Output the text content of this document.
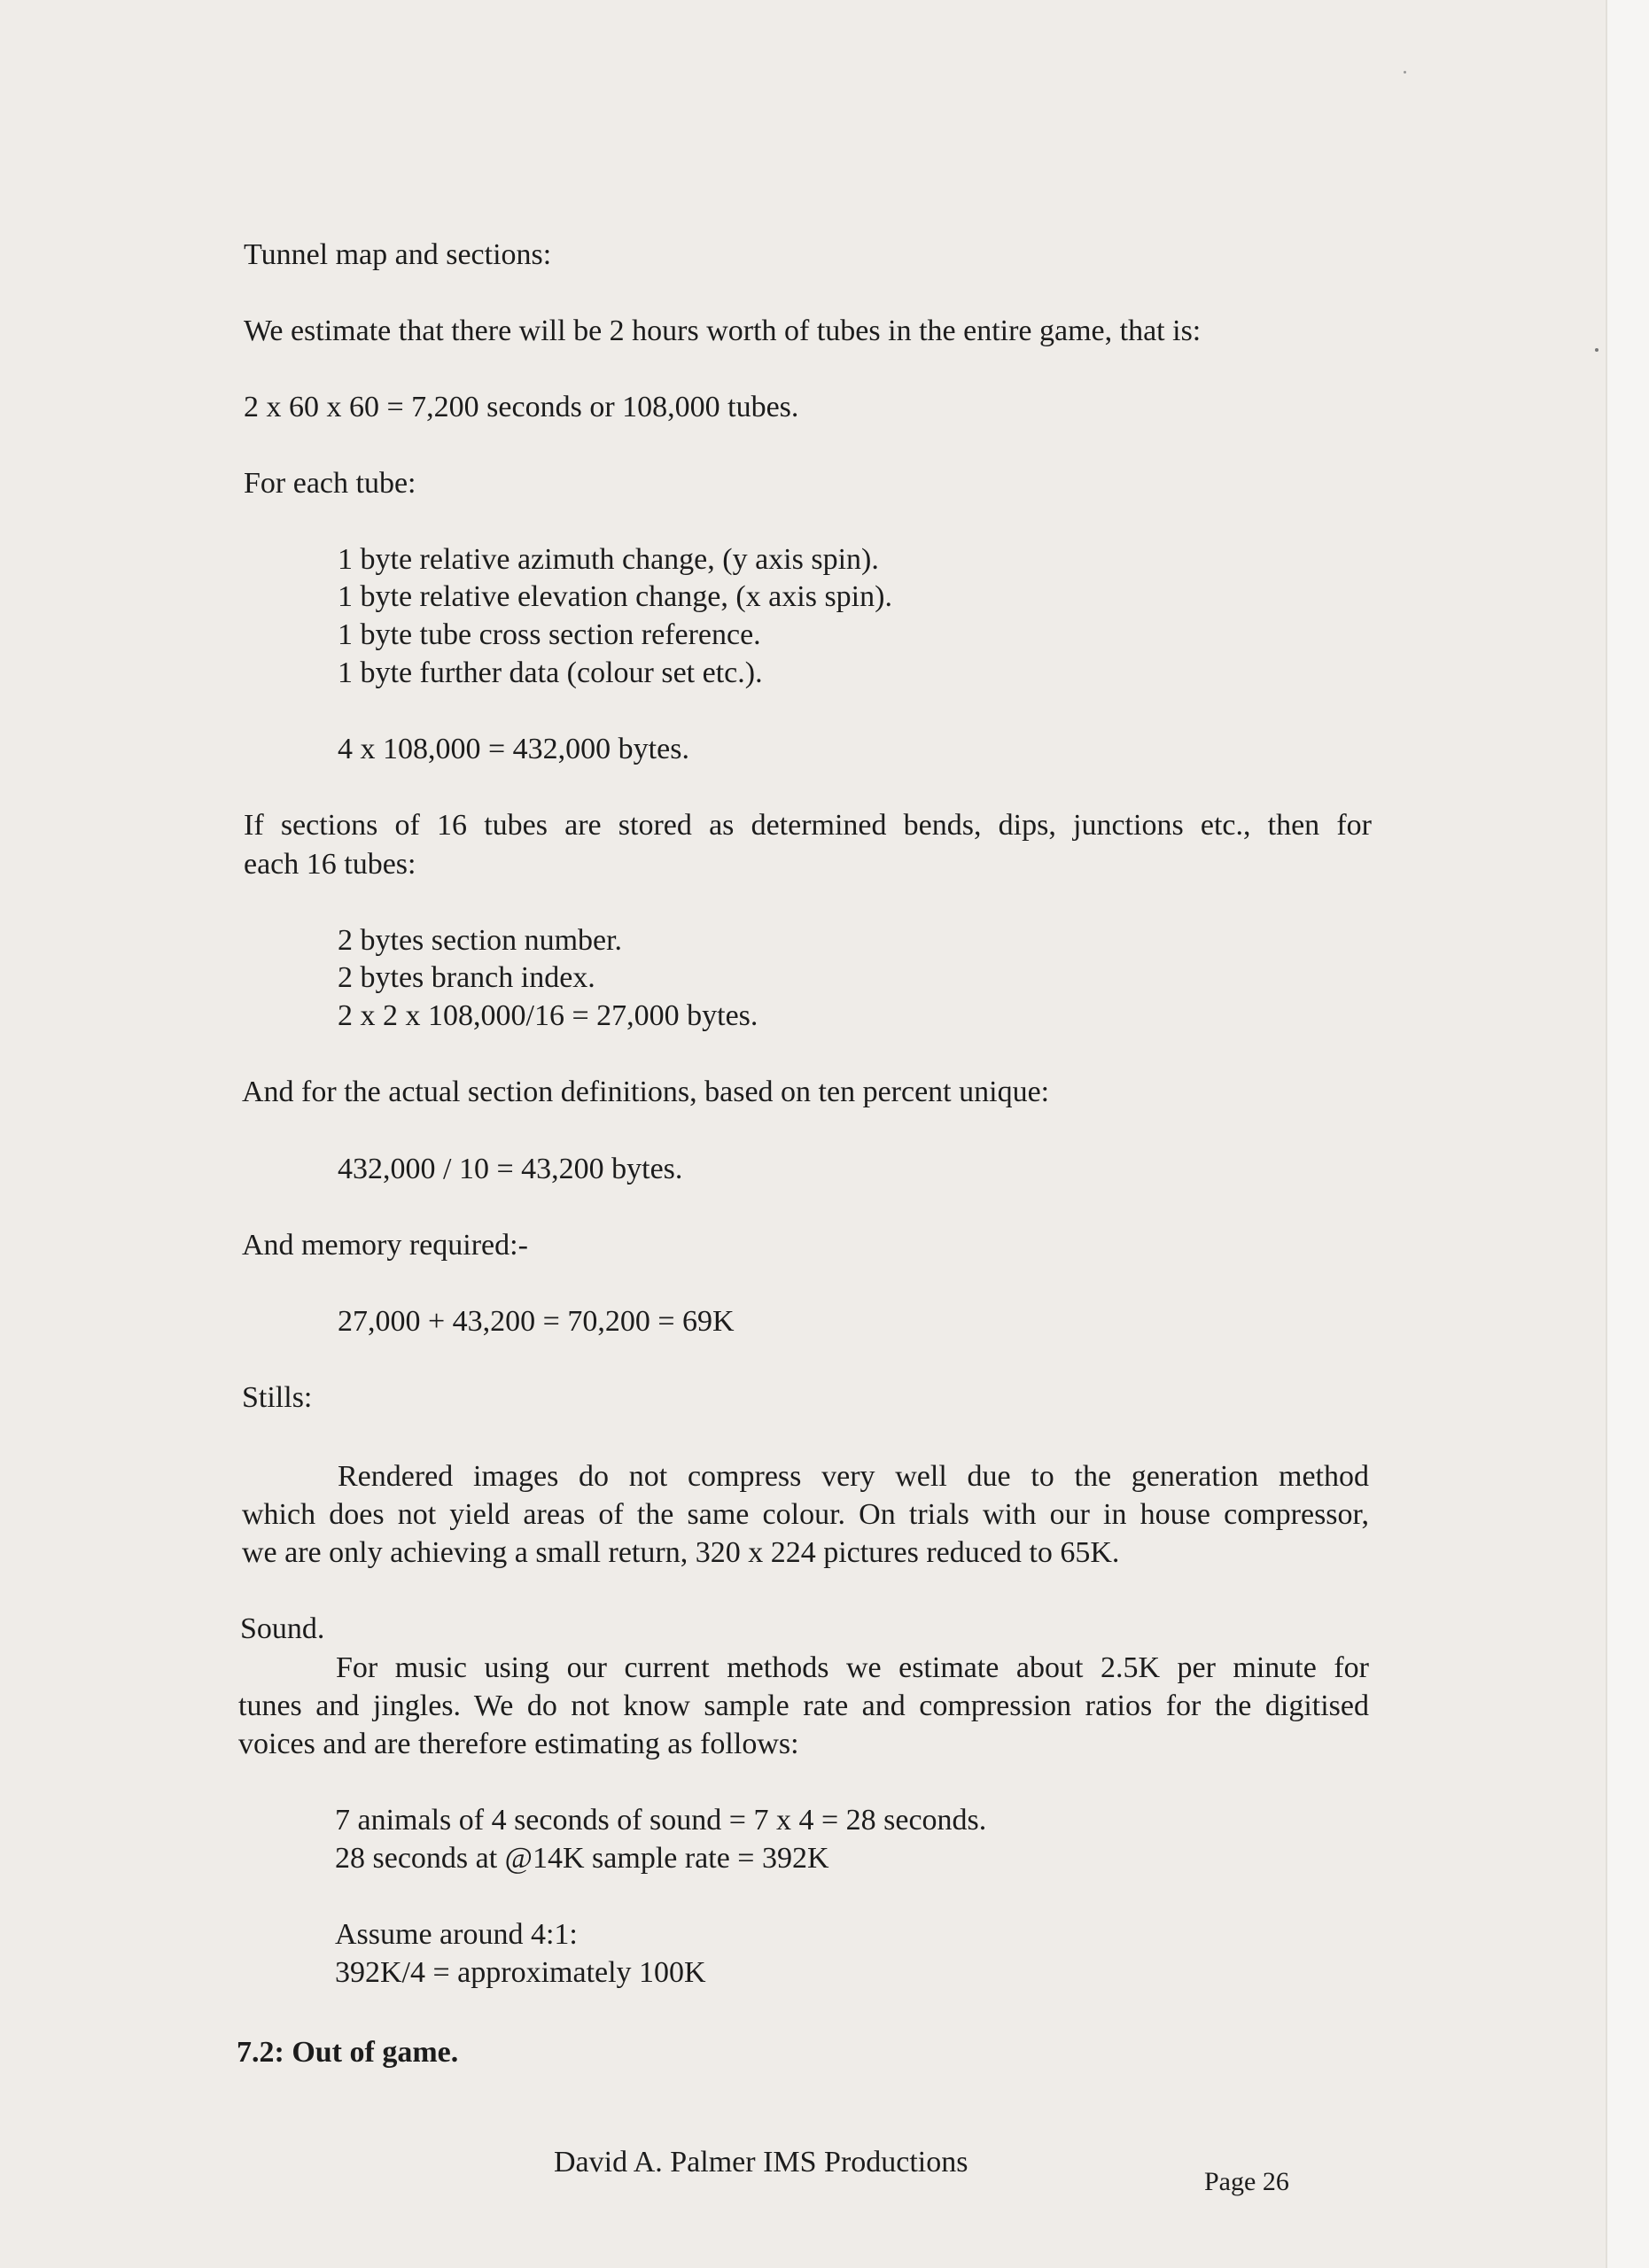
Tunnel map and sections:

We estimate that there will be 2 hours worth of tubes in the entire game, that is:

2 x 60 x 60 = 7,200 seconds or 108,000 tubes.

For each tube:

1 byte relative azimuth change, (y axis spin).

1 byte relative elevation change, (x axis spin).

1 byte tube cross section reference.

1 byte further data (colour set etc.).

4 x 108,000 = 432,000 bytes.

If sections of 16 tubes are stored as determined bends, dips, junctions etc., then for

each 16 tubes:

2 bytes section number.

2 bytes branch index.

2 x 2 x 108,000/16 = 27,000 bytes.

And for the actual section definitions, based on ten percent unique:

432,000 / 10 = 43,200 bytes.

And memory required:-

27,000 + 43,200 = 70,200 = 69K

Stills:

Rendered images do not compress very well due to the generation method

which does not yield areas of the same colour. On trials with our in house compressor,

we are only achieving a small return, 320 x 224 pictures reduced to 65K.

Sound.

For music using our current methods we estimate about 2.5K per minute for

tunes and jingles. We do not know sample rate and compression ratios for the digitised

voices and are therefore estimating as follows:

7 animals of 4 seconds of sound = 7 x 4 = 28 seconds.

28 seconds at @14K sample rate = 392K

Assume around 4:1:

392K/4 = approximately 100K

7.2: Out of game.

David A. Palmer IMS Productions
Page 26
